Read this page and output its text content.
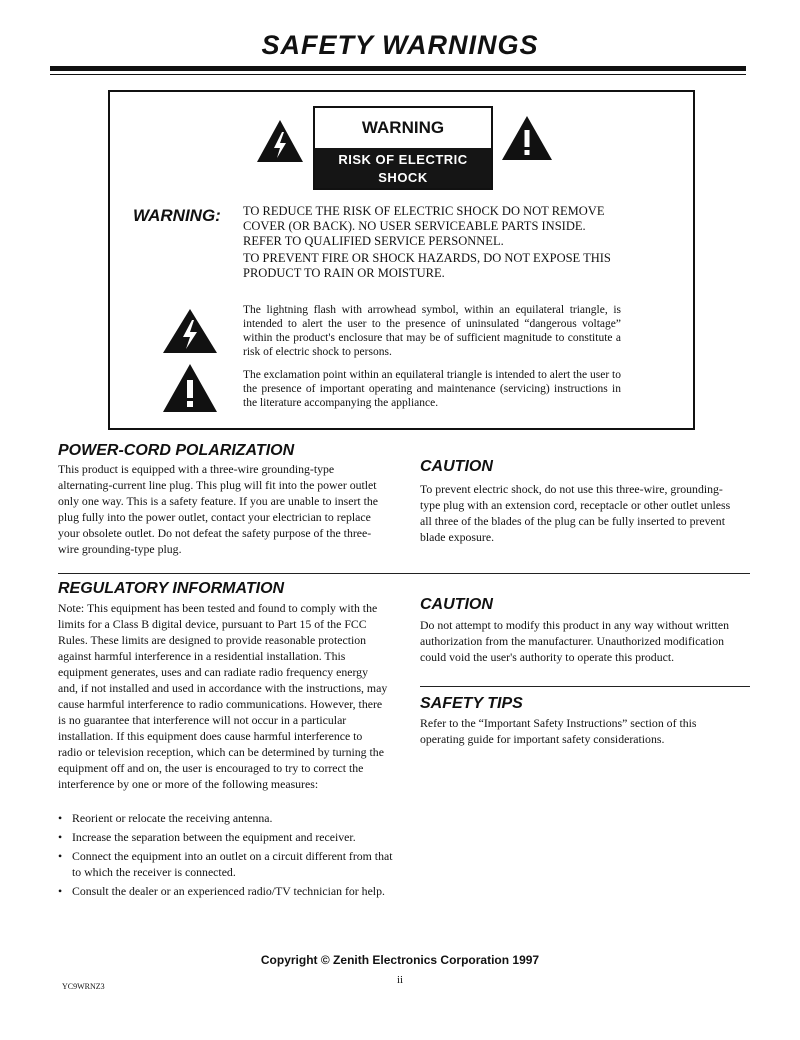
SAFETY WARNINGS
WARNING
RISK OF ELECTRIC SHOCK
DO NOT OPEN
WARNING: TO REDUCE THE RISK OF ELECTRIC SHOCK DO NOT REMOVE COVER (OR BACK). NO USER SERVICEABLE PARTS INSIDE. REFER TO QUALIFIED SERVICE PERSONNEL.
TO PREVENT FIRE OR SHOCK HAZARDS, DO NOT EXPOSE THIS PRODUCT TO RAIN OR MOISTURE.
The lightning flash with arrowhead symbol, within an equilateral triangle, is intended to alert the user to the presence of uninsulated “dangerous voltage” within the product's enclosure that may be of sufficient magnitude to constitute a risk of electric shock to persons.
The exclamation point within an equilateral triangle is intended to alert the user to the presence of important operating and maintenance (servicing) instructions in the literature accompanying the appliance.
POWER-CORD POLARIZATION

This product is equipped with a three-wire grounding-type alternating-current line plug. This plug will fit into the power outlet only one way. This is a safety feature. If you are unable to insert the plug fully into the power outlet, contact your electrician to replace your obsolete outlet. Do not defeat the safety purpose of the three-wire grounding-type plug.

CAUTION

To prevent electric shock, do not use this three-wire, grounding-type plug with an extension cord, receptacle or other outlet unless all three of the blades of the plug can be fully inserted to prevent blade exposure.

REGULATORY INFORMATION

Note: This equipment has been tested and found to comply with the limits for a Class B digital device, pursuant to Part 15 of the FCC Rules. These limits are designed to provide reasonable protection against harmful interference in a residential installation. This equipment generates, uses and can radiate radio frequency energy and, if not installed and used in accordance with the instructions, may cause harmful interference to radio communications. However, there is no guarantee that interference will not occur in a particular installation. If this equipment does cause harmful interference to radio or television reception, which can be determined by turning the equipment off and on, the user is encouraged to try to correct the interference by one or more of the following measures:

• Reorient or relocate the receiving antenna.
• Increase the separation between the equipment and receiver.
• Connect the equipment into an outlet on a circuit different from that to which the receiver is connected.
• Consult the dealer or an experienced radio/TV technician for help.
CAUTION

Do not attempt to modify this product in any way without written authorization from the manufacturer. Unauthorized modification could void the user's authority to operate this product.

SAFETY TIPS

Refer to the “Important Safety Instructions” section of this operating guide for important safety considerations.

Copyright © Zenith Electronics Corporation 1997
ii
YC9WRNZ3
